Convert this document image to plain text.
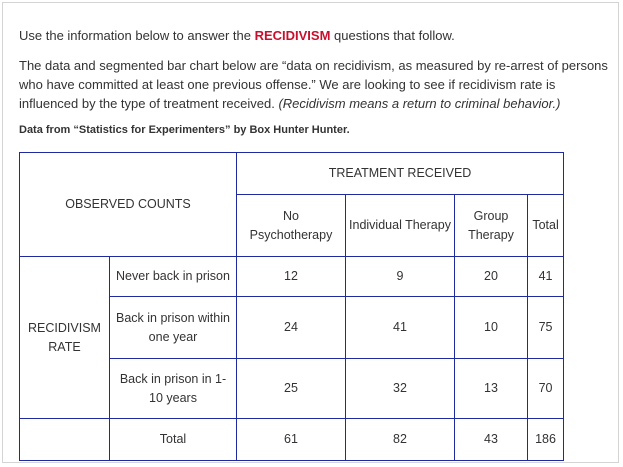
Use the information below to answer the RECIDIVISM questions that follow.

The data and segmented bar chart below are “data on recidivism, as measured by re-arrest of persons who have committed at least one previous offense.” We are looking to see if recidivism rate is influenced by the type of treatment received. (Recidivism means a return to criminal behavior.)

Data from “Statistics for Experimenters” by Box Hunter Hunter.

OBSERVED COUNTS		TREATMENT RECEIVED			
		No Psychotherapy	Individual Therapy	Group Therapy	Total
RECIDIVISM RATE	Never back in prison	12	9	20	41
	Back in prison within one year	24	41	10	75
	Back in prison in 1-10 years	25	32	13	70
	Total	61	82	43	186
